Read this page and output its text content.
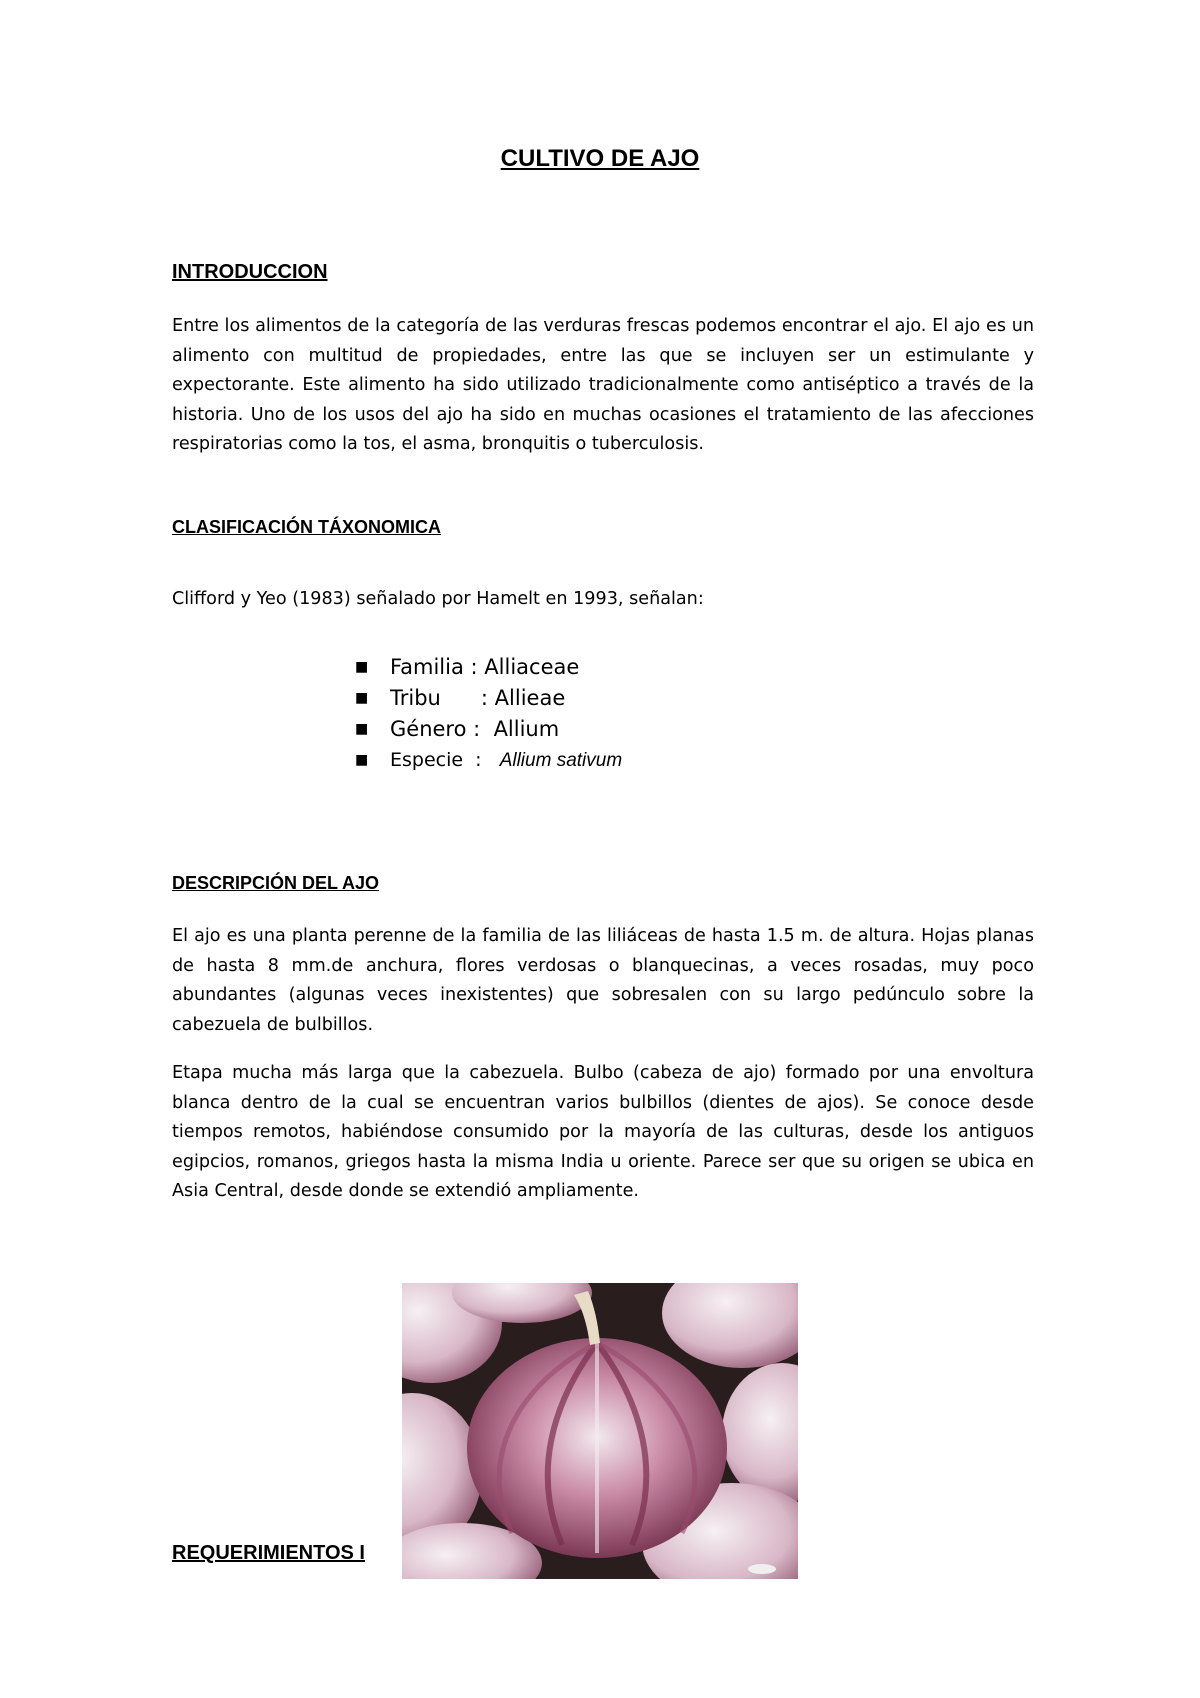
CULTIVO DE AJO
INTRODUCCION

Entre los alimentos de la categoría de las verduras frescas podemos encontrar el ajo. El ajo es un alimento con multitud de propiedades, entre las que se incluyen ser un estimulante y expectorante. Este alimento ha sido utilizado tradicionalmente como antiséptico a través de la historia. Uno de los usos del ajo ha sido en muchas ocasiones el tratamiento de las afecciones respiratorias como la tos, el asma, bronquitis o tuberculosis.

CLASIFICACIÓN TÁXONOMICA

Clifford y Yeo (1983) señalado por Hamelt en 1993, señalan:

■ Familia : Alliaceae
■ Tribu      : Allieae
■ Género :  Allium
■ Especie  :   Allium sativum
DESCRIPCIÓN DEL AJO

El ajo es una planta perenne de la familia de las liliáceas de hasta 1.5 m. de altura. Hojas planas de hasta 8 mm.de anchura, flores verdosas o blanquecinas, a veces rosadas, muy poco abundantes (algunas veces inexistentes) que sobresalen con su largo pedúnculo sobre la cabezuela de bulbillos.

Etapa mucha más larga que la cabezuela. Bulbo (cabeza de ajo) formado por una envoltura blanca dentro de la cual se encuentran varios bulbillos (dientes de ajos). Se conoce desde tiempos remotos, habiéndose consumido por la mayoría de las culturas, desde los antiguos egipcios, romanos, griegos hasta la misma India u oriente. Parece ser que su origen se ubica en Asia Central, desde donde se extendió ampliamente.

REQUERIMIENTOS I
